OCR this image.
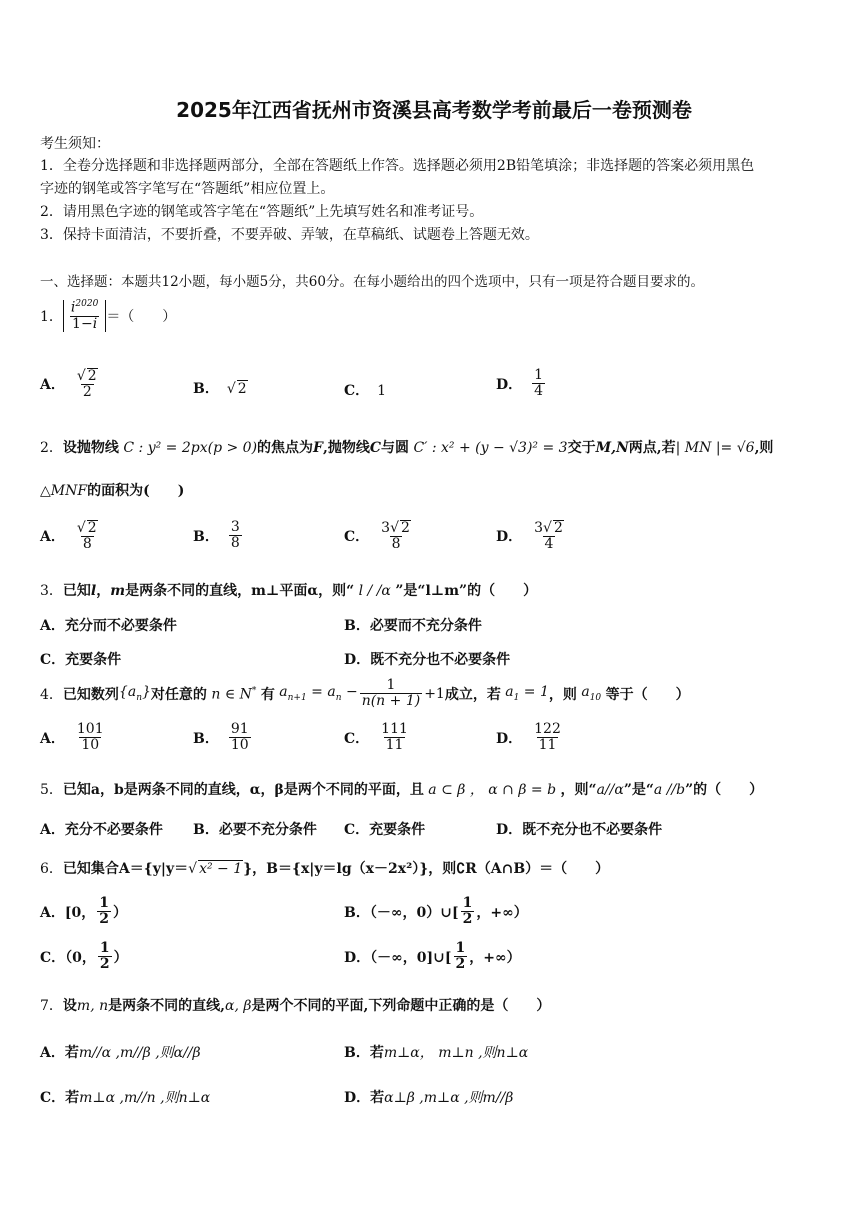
2025年江西省抚州市资溪县高考数学考前最后一卷预测卷
考生须知：
1．全卷分选择题和非选择题两部分，全部在答题纸上作答。选择题必须用2B铅笔填涂；非选择题的答案必须用黑色
字迹的钢笔或答字笔写在“答题纸”相应位置上。
2．请用黑色字迹的钢笔或答字笔在“答题纸”上先填写姓名和准考证号。
3．保持卡面清洁，不要折叠，不要弄破、弄皱，在草稿纸、试题卷上答题无效。
一、选择题：本题共12小题，每小题5分，共60分。在每小题给出的四个选项中，只有一项是符合题目要求的。
1． $\frac{i^{2020}}{1-i}$ ＝（　　）
A． $\frac{√ 2}{2}$	B． √ 2	C． 1	D． $\frac{1}{4}$
2．设抛物线 C : y² = 2px(p > 0)的焦点为F,抛物线C与圆 C′ : x² + (y − √3)² = 3交于M,N两点,若| MN |= √6,则
△MNF的面积为(　　)
A． $\frac{√ 2}{8}$	B． $\frac{3}{8}$	C． $\frac{3√ 2}{8}$	D． $\frac{3√ 2}{4}$
3．已知l，m是两条不同的直线，m⊥平面α，则“ l / /α ”是“l⊥m”的（　　）
A．充分而不必要条件	B．必要而不充分条件
C．充要条件	D．既不充分也不必要条件
4． 已知数列 $\{a_n\}$ 对任意的 n ∈ N* 有 $a_{n+1} = a_n - \frac{1}{n(n + 1)} +1$ 成立，若 $a_1 = 1$ ，则 $a_{10}$ 等于（　　）
A． $\frac{101}{10}$	B． $\frac{91}{10}$	C． $\frac{111}{11}$	D． $\frac{122}{11}$
5．已知a，b是两条不同的直线，α，β是两个不同的平面，且 a ⊂ β ， α ∩ β = b ，则“a//α”是“a //b”的（　　）
A．充分不必要条件 B．必要不充分条件 C．充要条件	D．既不充分也不必要条件
6．已知集合A＝{y|y＝√ x² − 1}，B＝{x|y＝lg（x－2x²）}，则∁R（A∩B）＝（　　）
A．[0， $\frac{1}{2}$ ）	B．（－∞，0）∪[ $\frac{1}{2}$ ，+∞）
C．（0， $\frac{1}{2}$ ）	D．（－∞，0]∪[ $\frac{1}{2}$ ，+∞）
7．设m, n是两条不同的直线,α, β是两个不同的平面,下列命题中正确的是（　　）
A．若m//α ,m//β ,则α//β	B．若m⊥α， m⊥n ,则n⊥α
C．若m⊥α ,m//n ,则n⊥α	D．若α⊥β ,m⊥α ,则m//β
